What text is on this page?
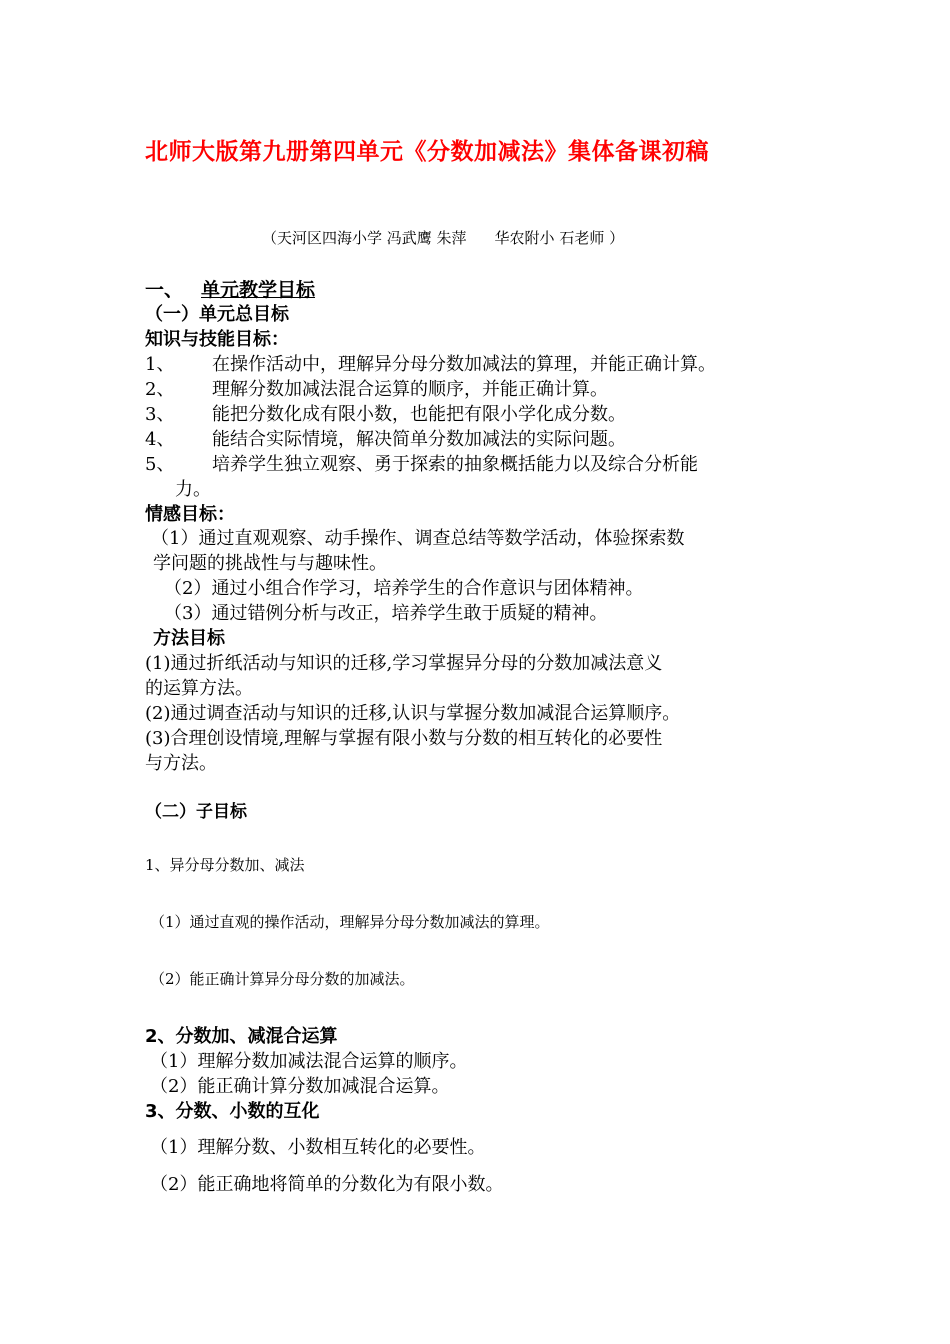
北师大版第九册第四单元《分数加减法》集体备课初稿
（天河区四海小学 冯武鹰 朱萍 华农附小 石老师 ）
一、 单元教学目标
（一）单元总目标
知识与技能目标：
1、 在操作活动中，理解异分母分数加减法的算理，并能正确计算。
2、 理解分数加减法混合运算的顺序，并能正确计算。
3、 能把分数化成有限小数，也能把有限小学化成分数。
4、 能结合实际情境，解决简单分数加减法的实际问题。
5、 培养学生独立观察、勇于探索的抽象概括能力以及综合分析能
力。
情感目标：
（1）通过直观观察、动手操作、调查总结等数学活动，体验探索数
学问题的挑战性与与趣味性。
（2）通过小组合作学习，培养学生的合作意识与团体精神。
（3）通过错例分析与改正，培养学生敢于质疑的精神。
方法目标
(1)通过折纸活动与知识的迁移,学习掌握异分母的分数加减法意义
的运算方法。
(2)通过调查活动与知识的迁移,认识与掌握分数加减混合运算顺序。
(3)合理创设情境,理解与掌握有限小数与分数的相互转化的必要性
与方法。
（二）子目标
1、异分母分数加、减法
（1）通过直观的操作活动，理解异分母分数加减法的算理。
（2）能正确计算异分母分数的加减法。
2、分数加、减混合运算
（1）理解分数加减法混合运算的顺序。
（2）能正确计算分数加减混合运算。
3、分数、小数的互化
（1）理解分数、小数相互转化的必要性。
（2）能正确地将简单的分数化为有限小数。
